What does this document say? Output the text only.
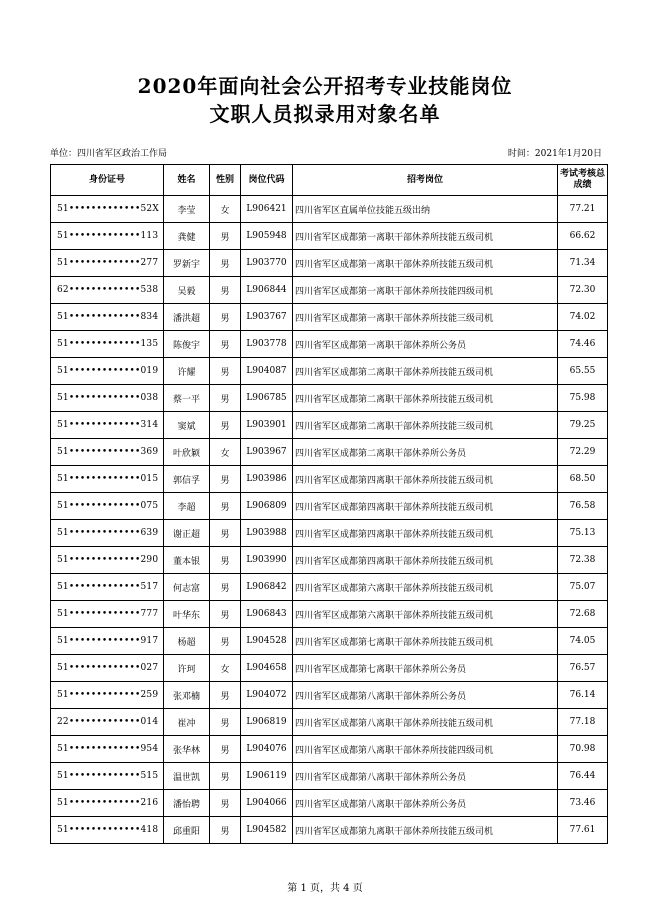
2020年面向社会公开招考专业技能岗位
文职人员拟录用对象名单
单位：四川省军区政治工作局	时间：2021年1月20日
身份证号	姓名	性别	岗位代码	招考岗位	考试考核总成绩
51•••••••••••••52X	李莹	女	L906421	四川省军区直属单位技能五级出纳	77.21
51•••••••••••••113	龚健	男	L905948	四川省军区成都第一离职干部休养所技能五级司机	66.62
51•••••••••••••277	罗新宇	男	L903770	四川省军区成都第一离职干部休养所技能五级司机	71.34
62•••••••••••••538	吴毅	男	L906844	四川省军区成都第一离职干部休养所技能四级司机	72.30
51•••••••••••••834	潘洪超	男	L903767	四川省军区成都第一离职干部休养所技能三级司机	74.02
51•••••••••••••135	陈俊宇	男	L903778	四川省军区成都第一离职干部休养所公务员	74.46
51•••••••••••••019	许耀	男	L904087	四川省军区成都第二离职干部休养所技能五级司机	65.55
51•••••••••••••038	蔡一平	男	L906785	四川省军区成都第二离职干部休养所技能五级司机	75.98
51•••••••••••••314	窦斌	男	L903901	四川省军区成都第二离职干部休养所技能三级司机	79.25
51•••••••••••••369	叶欣颖	女	L903967	四川省军区成都第二离职干部休养所公务员	72.29
51•••••••••••••015	郭信孚	男	L903986	四川省军区成都第四离职干部休养所技能五级司机	68.50
51•••••••••••••075	李超	男	L906809	四川省军区成都第四离职干部休养所技能五级司机	76.58
51•••••••••••••639	谢正超	男	L903988	四川省军区成都第四离职干部休养所技能五级司机	75.13
51•••••••••••••290	董本银	男	L903990	四川省军区成都第四离职干部休养所技能五级司机	72.38
51•••••••••••••517	何志富	男	L906842	四川省军区成都第六离职干部休养所技能五级司机	75.07
51•••••••••••••777	叶华东	男	L906843	四川省军区成都第六离职干部休养所技能五级司机	72.68
51•••••••••••••917	杨超	男	L904528	四川省军区成都第七离职干部休养所技能五级司机	74.05
51•••••••••••••027	许珂	女	L904658	四川省军区成都第七离职干部休养所公务员	76.57
51•••••••••••••259	张邓楠	男	L904072	四川省军区成都第八离职干部休养所公务员	76.14
22•••••••••••••014	崔冲	男	L906819	四川省军区成都第八离职干部休养所技能五级司机	77.18
51•••••••••••••954	张华林	男	L904076	四川省军区成都第八离职干部休养所技能四级司机	70.98
51•••••••••••••515	温世凯	男	L906119	四川省军区成都第八离职干部休养所公务员	76.44
51•••••••••••••216	潘怡聘	男	L904066	四川省军区成都第八离职干部休养所公务员	73.46
51•••••••••••••418	邱重阳	男	L904582	四川省军区成都第九离职干部休养所技能五级司机	77.61
第 1 页，共 4 页
